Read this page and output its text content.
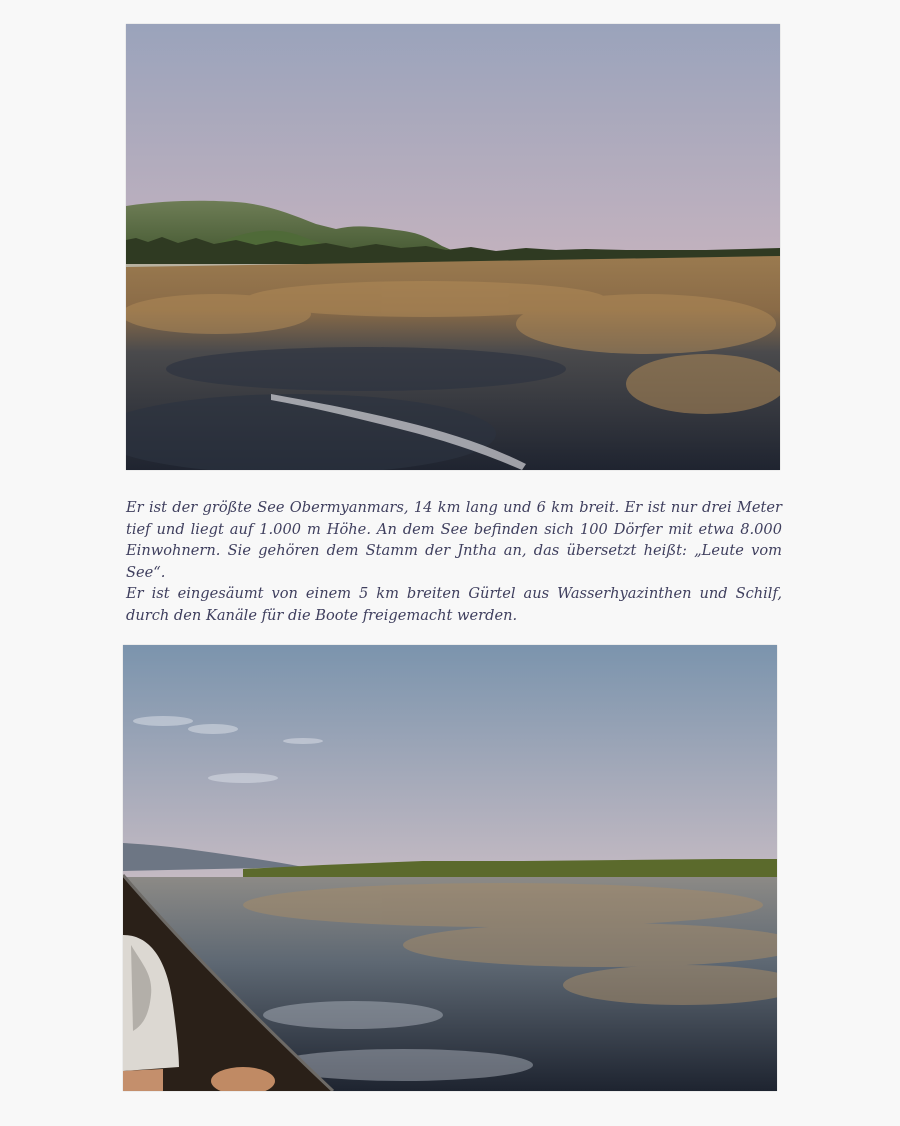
Er ist der größte See Obermyanmars, 14 km lang und 6 km breit. Er ist nur drei Meter tief und liegt auf 1.000 m Höhe. An dem See befinden sich 100 Dörfer mit etwa 8.000 Einwohnern. Sie gehören dem Stamm der Jntha an, das übersetzt heißt: „Leute vom See“.

Er ist eingesäumt von einem 5 km breiten Gürtel aus Wasserhyazinthen und Schilf, durch den Kanäle für die Boote freigemacht werden.
